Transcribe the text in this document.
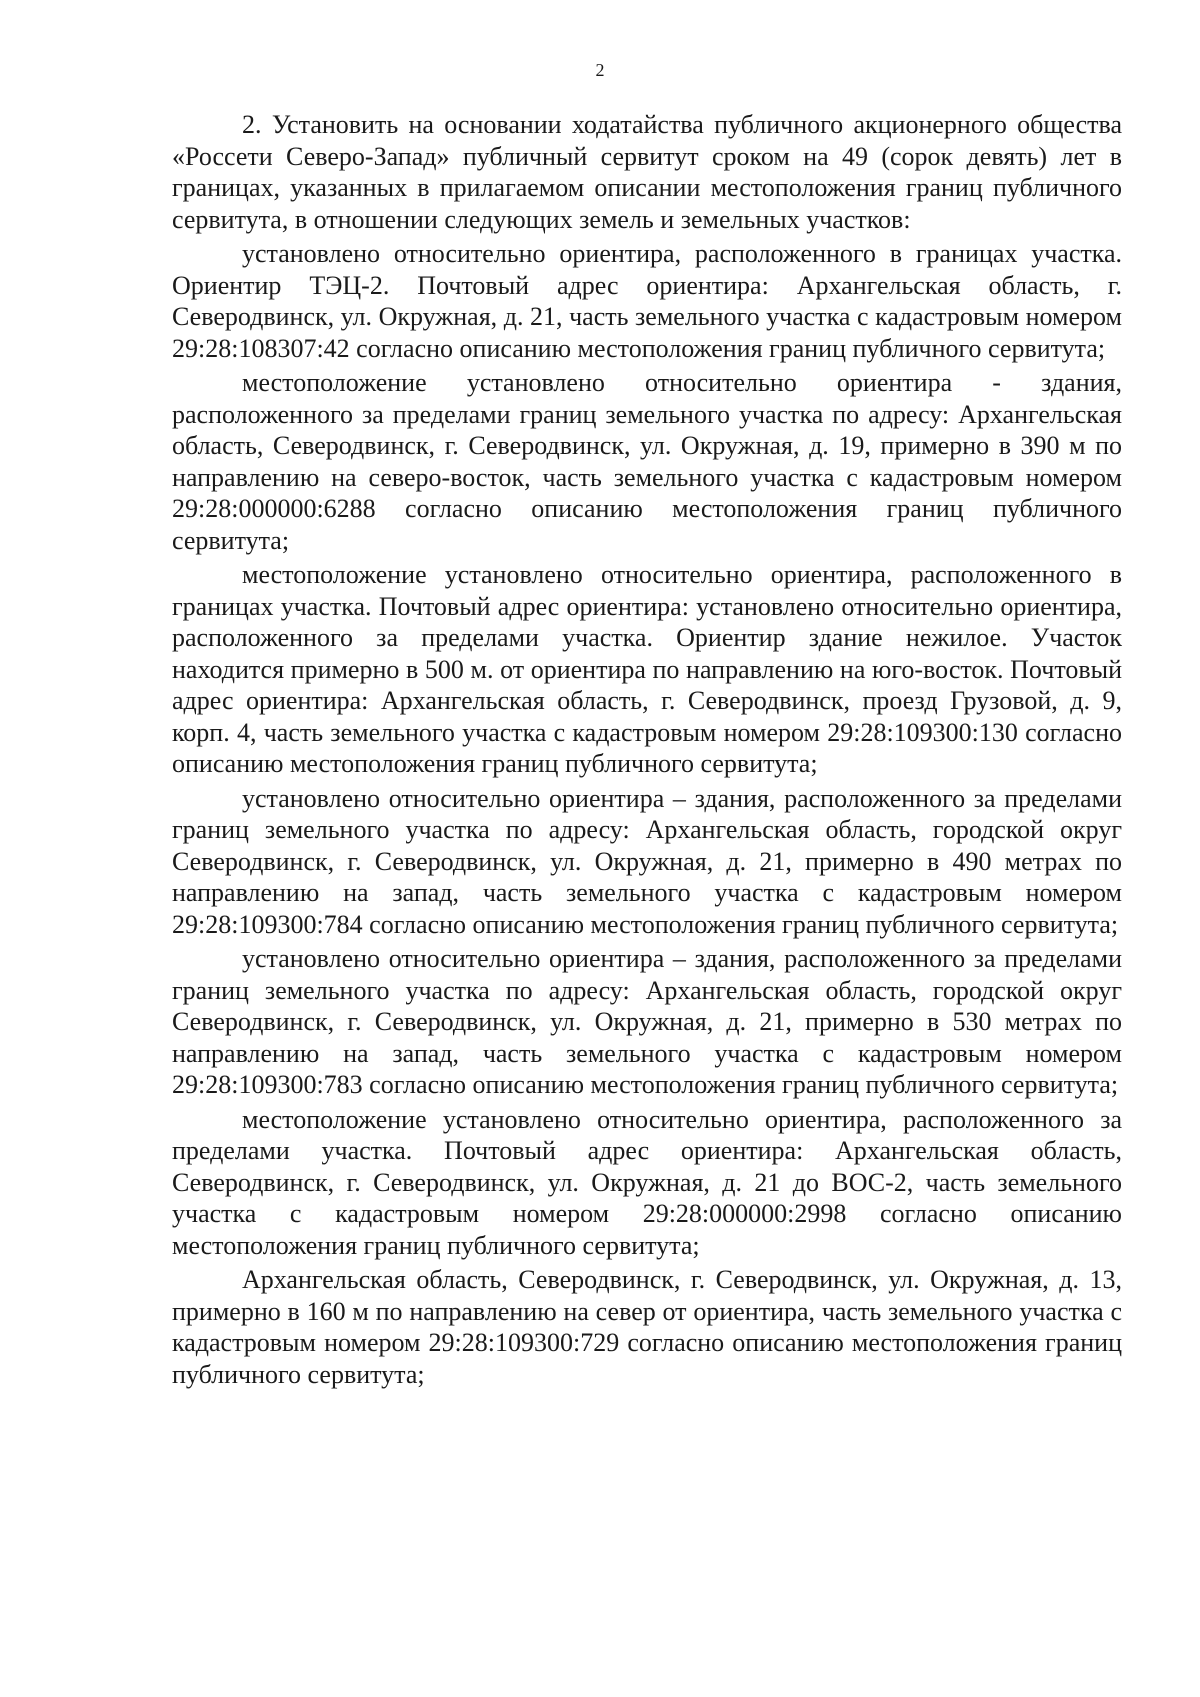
2

2. Установить на основании ходатайства публичного акционерного общества «Россети Северо-Запад» публичный сервитут сроком на 49 (сорок девять) лет в границах, указанных в прилагаемом описании местоположения границ публичного сервитута, в отношении следующих земель и земельных участков:

установлено относительно ориентира, расположенного в границах участка. Ориентир ТЭЦ-2. Почтовый адрес ориентира: Архангельская область, г. Северодвинск, ул. Окружная, д. 21, часть земельного участка с кадастровым номером 29:28:108307:42 согласно описанию местоположения границ публичного сервитута;

местоположение установлено относительно ориентира - здания, расположенного за пределами границ земельного участка по адресу: Архангельская область, Северодвинск, г. Северодвинск, ул. Окружная, д. 19, примерно в 390 м по направлению на северо-восток, часть земельного участка с кадастровым номером 29:28:000000:6288 согласно описанию местоположения границ публичного сервитута;

местоположение установлено относительно ориентира, расположенного в границах участка. Почтовый адрес ориентира: установлено относительно ориентира, расположенного за пределами участка. Ориентир здание нежилое. Участок находится примерно в 500 м. от ориентира по направлению на юго-восток. Почтовый адрес ориентира: Архангельская область, г. Северодвинск, проезд Грузовой, д. 9, корп. 4, часть земельного участка с кадастровым номером 29:28:109300:130 согласно описанию местоположения границ публичного сервитута;

установлено относительно ориентира – здания, расположенного за пределами границ земельного участка по адресу: Архангельская область, городской округ Северодвинск, г. Северодвинск, ул. Окружная, д. 21, примерно в 490 метрах по направлению на запад, часть земельного участка с кадастровым номером 29:28:109300:784 согласно описанию местоположения границ публичного сервитута;

установлено относительно ориентира – здания, расположенного за пределами границ земельного участка по адресу: Архангельская область, городской округ Северодвинск, г. Северодвинск, ул. Окружная, д. 21, примерно в 530 метрах по направлению на запад, часть земельного участка с кадастровым номером 29:28:109300:783 согласно описанию местоположения границ публичного сервитута;

местоположение установлено относительно ориентира, расположенного за пределами участка. Почтовый адрес ориентира: Архангельская область, Северодвинск, г. Северодвинск, ул. Окружная, д. 21 до ВОС-2, часть земельного участка с кадастровым номером 29:28:000000:2998 согласно описанию местоположения границ публичного сервитута;

Архангельская область, Северодвинск, г. Северодвинск, ул. Окружная, д. 13, примерно в 160 м по направлению на север от ориентира, часть земельного участка с кадастровым номером 29:28:109300:729 согласно описанию местоположения границ публичного сервитута;
